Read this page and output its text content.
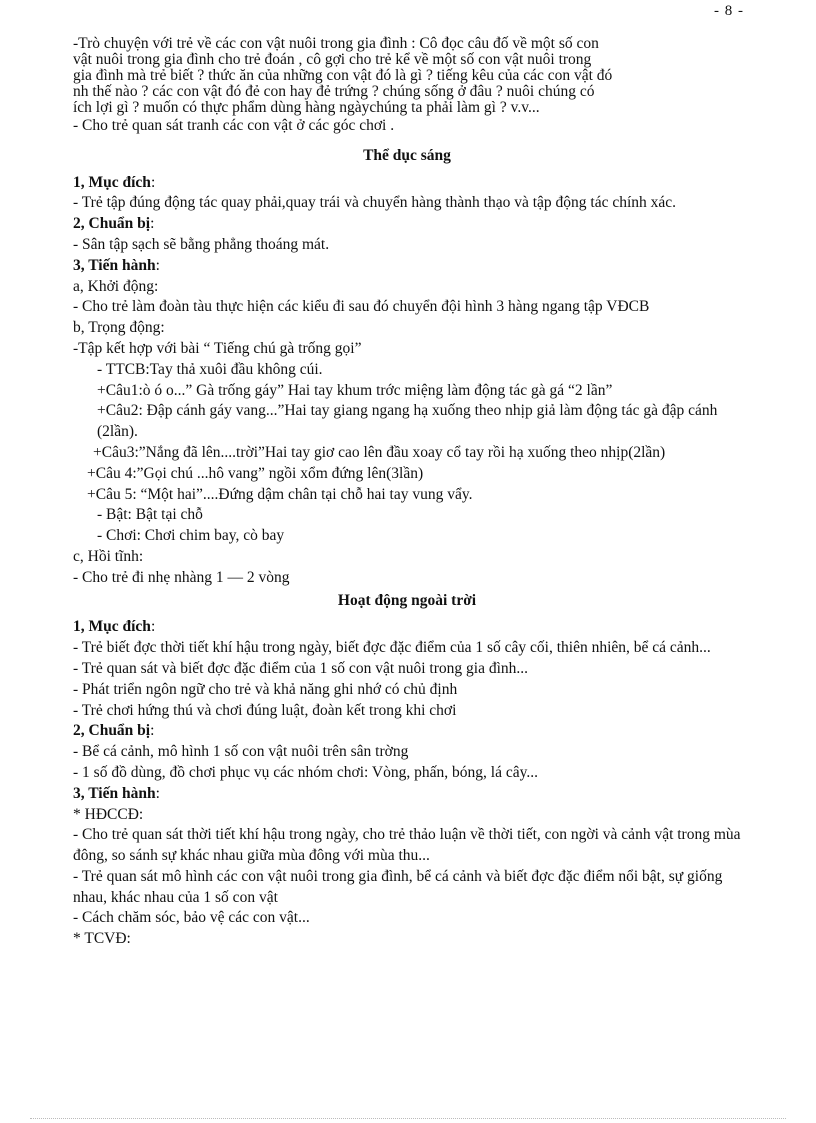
- 8 -
-Trò chuyện với trẻ về các con vật nuôi trong gia đình : Cô đọc câu đố về một số con
vật nuôi trong gia đình cho trẻ đoán , cô gợi cho trẻ kể về một số con vật nuôi trong
gia đình mà trẻ biết ? thức ăn của những con vật đó là gì ? tiếng kêu của các con vật đó
nh thế nào ? các con vật đó đẻ con hay đẻ trứng ? chúng sống ở đâu ? nuôi chúng có
ích lợi gì ? muốn có thực phẩm dùng hàng ngàychúng ta phải làm gì ? v.v...
- Cho trẻ quan sát tranh các con vật ở các góc chơi .
Thể dục sáng
1, Mục đích:
- Trẻ tập đúng động tác quay phải,quay trái và chuyển hàng thành thạo và tập động tác chính xác.
2, Chuẩn bị:
- Sân tập sạch sẽ bằng phẳng thoáng mát.
3, Tiến hành:
a, Khởi động:
- Cho trẻ làm đoàn tàu thực hiện các kiểu đi sau đó chuyển đội hình 3 hàng ngang tập VĐCB
b, Trọng động:
-Tập kết hợp với bài “ Tiếng chú gà trống gọi”
- TTCB:Tay thả xuôi đầu không cúi.
+Câu1:ò ó o...” Gà trống gáy” Hai tay khum trớc miệng làm động tác gà gá “2 lần”
+Câu2: Đập cánh gáy vang...”Hai tay giang ngang hạ xuống theo nhịp giả làm động tác gà đập cánh (2lần).
+Câu3:”Nắng đã lên....trời”Hai tay giơ cao lên đầu xoay cổ tay rồi hạ xuống theo nhịp(2lần)
+Câu 4:”Gọi chú ...hô vang” ngồi xổm đứng lên(3lần)
+Câu 5: “Một hai”....Đứng dậm chân tại chỗ hai tay vung vẩy.
- Bật: Bật tại chỗ
- Chơi: Chơi chim bay, cò bay
c, Hồi tĩnh:
- Cho trẻ đi nhẹ nhàng 1 — 2 vòng
Hoạt động ngoài trời
1, Mục đích:
- Trẻ biết đợc thời tiết khí hậu trong ngày, biết đợc đặc điểm của 1 số cây cối, thiên nhiên, bể cá cảnh...
- Trẻ quan sát và biết đợc đặc điểm của 1 số con vật nuôi trong gia đình...
- Phát triển ngôn ngữ cho trẻ và khả năng ghi nhớ có chủ định
- Trẻ chơi hứng thú và chơi đúng luật, đoàn kết trong khi chơi
2, Chuẩn bị:
- Bể cá cảnh, mô hình 1 số con vật nuôi trên sân trờng
- 1 số đồ dùng, đồ chơi phục vụ các nhóm chơi: Vòng, phấn, bóng, lá cây...
3, Tiến hành:
* HĐCCĐ:
- Cho trẻ quan sát thời tiết khí hậu trong ngày, cho trẻ thảo luận về thời tiết, con ngời và cảnh vật trong mùa đông, so sánh sự khác nhau giữa mùa đông với mùa thu...
- Trẻ quan sát mô hình các con vật nuôi trong gia đình, bể cá cảnh và biết đợc đặc điểm nổi bật, sự giống nhau, khác nhau của 1 số con vật
- Cách chăm sóc, bảo vệ các con vật...
* TCVĐ:
